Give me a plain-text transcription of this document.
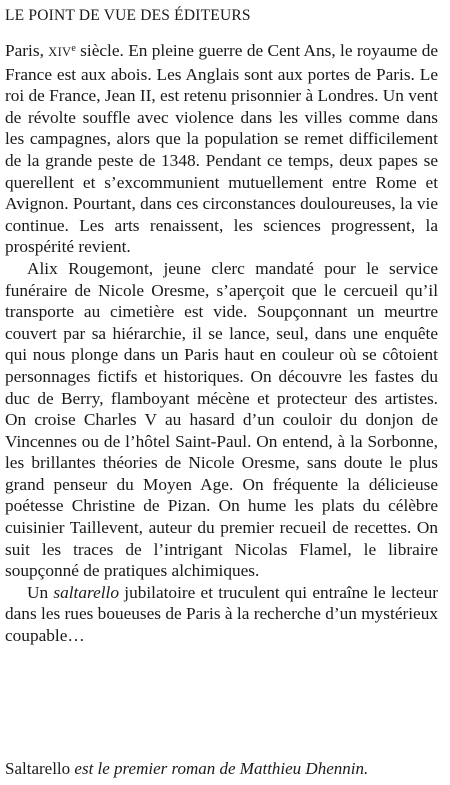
LE POINT DE VUE DES ÉDITEURS

Paris, XIVe siècle. En pleine guerre de Cent Ans, le royaume de France est aux abois. Les Anglais sont aux portes de Paris. Le roi de France, Jean II, est retenu prisonnier à Londres. Un vent de révolte souffle avec violence dans les villes comme dans les campagnes, alors que la population se remet difficilement de la grande peste de 1348. Pendant ce temps, deux papes se querellent et s’excommunient mutuellement entre Rome et Avignon. Pourtant, dans ces circonstances douloureuses, la vie continue. Les arts renaissent, les sciences progressent, la prospérité revient.

Alix Rougemont, jeune clerc mandaté pour le service funéraire de Nicole Oresme, s’aperçoit que le cercueil qu’il transporte au cimetière est vide. Soupçonnant un meurtre couvert par sa hiérarchie, il se lance, seul, dans une enquête qui nous plonge dans un Paris haut en couleur où se côtoient personnages fictifs et historiques. On découvre les fastes du duc de Berry, flamboyant mécène et protecteur des artistes. On croise Charles V au hasard d’un couloir du donjon de Vincennes ou de l’hôtel Saint-Paul. On entend, à la Sorbonne, les brillantes théories de Nicole Oresme, sans doute le plus grand penseur du Moyen Age. On fréquente la délicieuse poétesse Christine de Pizan. On hume les plats du célèbre cuisinier Taillevent, auteur du premier recueil de recettes. On suit les traces de l’intrigant Nicolas Flamel, le libraire soupçonné de pratiques alchimiques.

Un saltarello jubilatoire et truculent qui entraîne le lecteur dans les rues boueuses de Paris à la recherche d’un mystérieux coupable…

Saltarello est le premier roman de Matthieu Dhennin.
